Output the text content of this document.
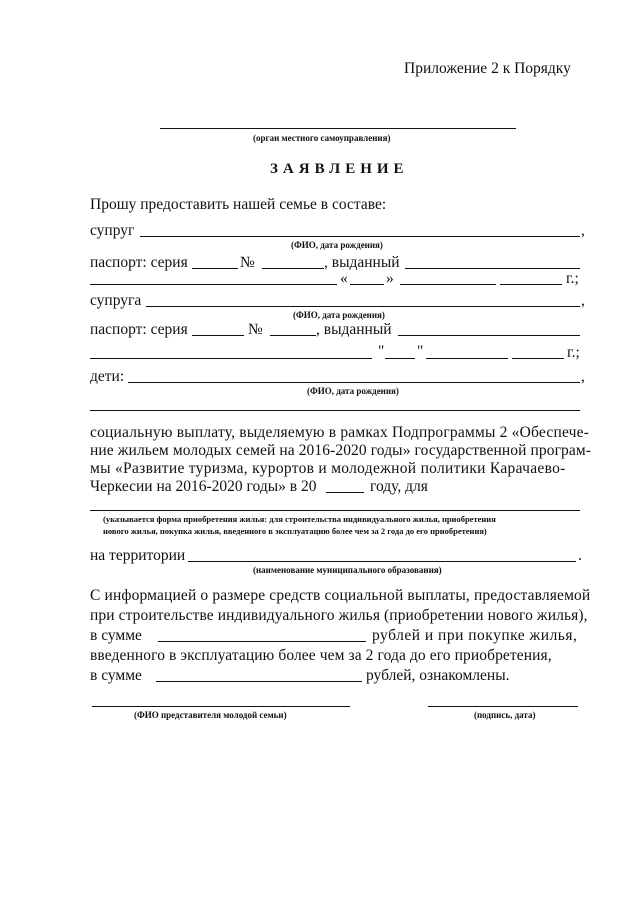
Приложение 2 к Порядку
(орган местного самоуправления)
ЗАЯВЛЕНИЕ
Прошу предоставить нашей семье в составе:
супруг	,
(ФИО, дата рождения)
паспорт: серия	№	, выданный
« »	г.;
супруга	,
(ФИО, дата рождения)
паспорт: серия	№	, выданный
" "	г.;
дети:	,
(ФИО, дата рождения)
социальную выплату, выделяемую в рамках Подпрограммы 2 «Обеспече-
ние жильем молодых семей на 2016-2020 годы» государственной програм-
мы «Развитие туризма, курортов и молодежной политики Карачаево-
Черкесии на 2016-2020 годы» в 20	году, для
(указывается форма приобретения жилья: для строительства индивидуального жилья, приобретения
нового жилья, покупка жилья, введенного в эксплуатацию более чем за 2 года до его приобретения)
на территории	.
(наименование муниципального образования)
С информацией о размере средств социальной выплаты, предоставляемой
при строительстве индивидуального жилья (приобретении нового жилья),
в сумме	рублей и при покупке жилья,
введенного в эксплуатацию более чем за 2 года до его приобретения,
в сумме	рублей, ознакомлены.
(ФИО представителя молодой семьи)	(подпись, дата)
